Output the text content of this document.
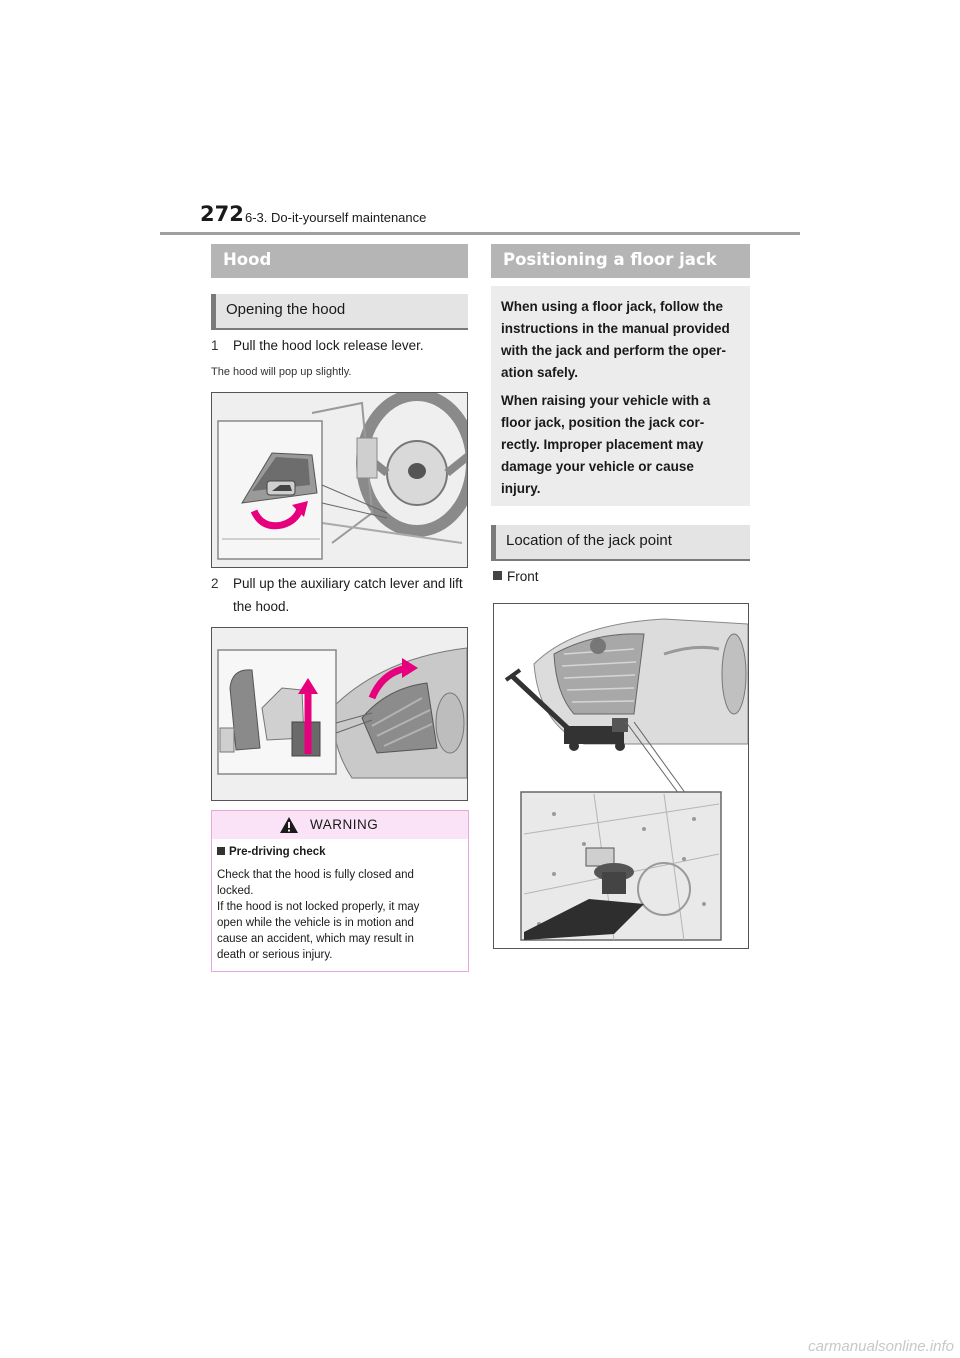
272 6-3. Do-it-yourself maintenance
Hood
Opening the hood
1 Pull the hood lock release lever.
The hood will pop up slightly.
2 Pull up the auxiliary catch lever and lift the hood.
WARNING
Pre-driving check
Check that the hood is fully closed and
locked.
If the hood is not locked properly, it may
open while the vehicle is in motion and
cause an accident, which may result in
death or serious injury.
Positioning a floor jack
When using a floor jack, follow the instructions in the manual provided with the jack and perform the oper-ation safely.
When raising your vehicle with a floor jack, position the jack cor-rectly. Improper placement may damage your vehicle or cause injury.
Location of the jack point
Front
carmanualsonline.info
